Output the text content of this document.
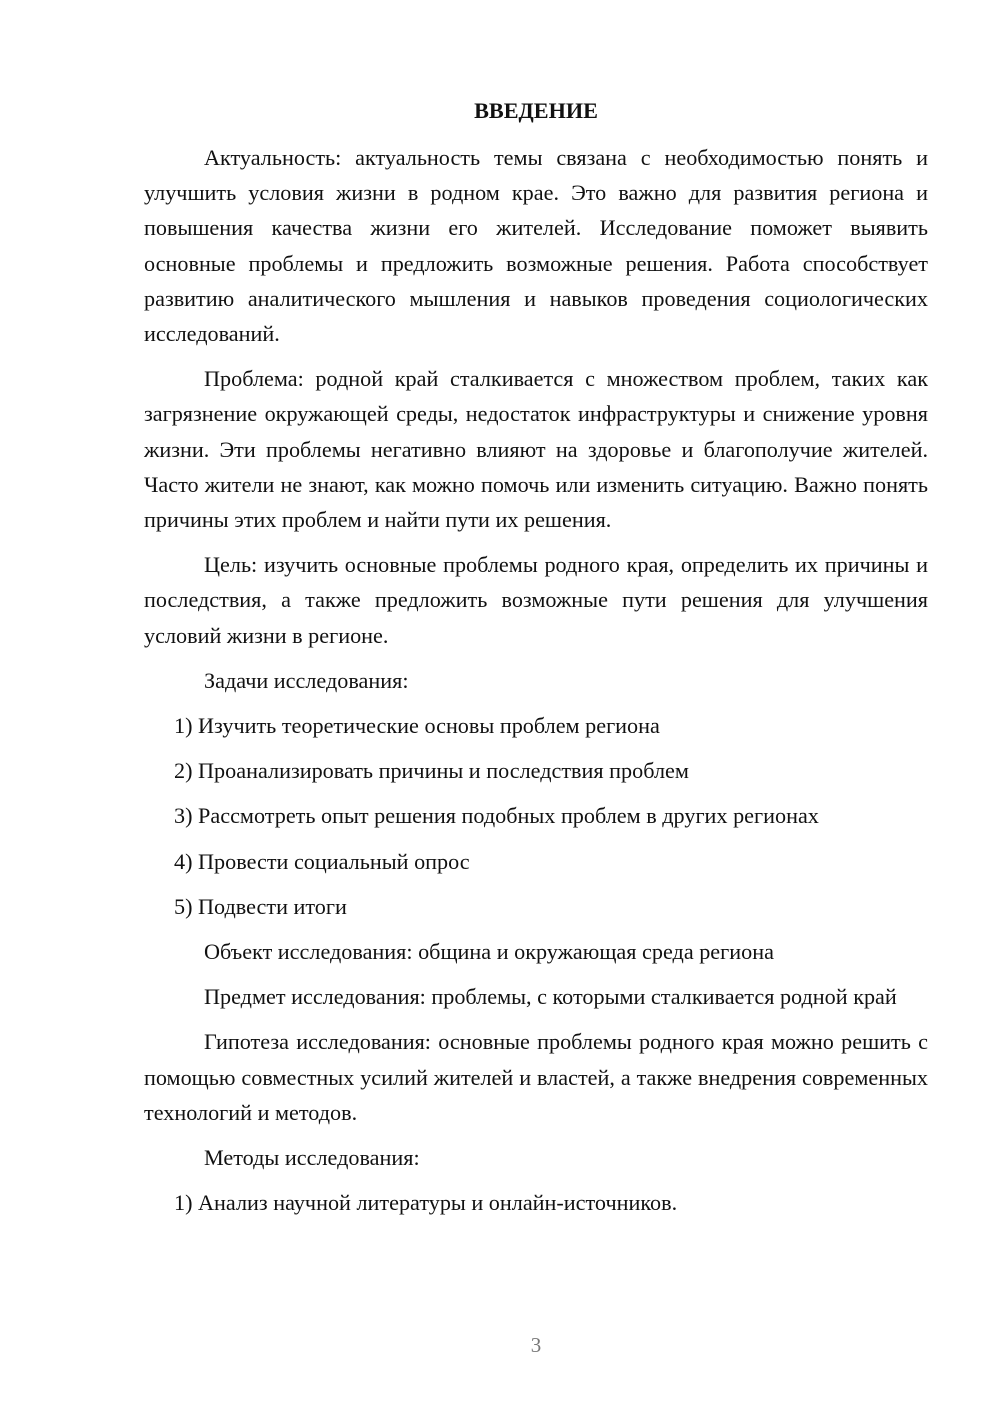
ВВЕДЕНИЕ

Актуальность: актуальность темы связана с необходимостью понять и улучшить условия жизни в родном крае. Это важно для развития региона и повышения качества жизни его жителей. Исследование поможет выявить основные проблемы и предложить возможные решения. Работа способствует развитию аналитического мышления и навыков проведения социологических исследований.

Проблема: родной край сталкивается с множеством проблем, таких как загрязнение окружающей среды, недостаток инфраструктуры и снижение уровня жизни. Эти проблемы негативно влияют на здоровье и благополучие жителей. Часто жители не знают, как можно помочь или изменить ситуацию. Важно понять причины этих проблем и найти пути их решения.

Цель: изучить основные проблемы родного края, определить их причины и последствия, а также предложить возможные пути решения для улучшения условий жизни в регионе.

Задачи исследования:

1) Изучить теоретические основы проблем региона

2) Проанализировать причины и последствия проблем

3) Рассмотреть опыт решения подобных проблем в других регионах

4) Провести социальный опрос

5) Подвести итоги

Объект исследования: община и окружающая среда региона

Предмет исследования: проблемы, с которыми сталкивается родной край

Гипотеза исследования: основные проблемы родного края можно решить с помощью совместных усилий жителей и властей, а также внедрения современных технологий и методов.

Методы исследования:

1) Анализ научной литературы и онлайн-источников.

3
